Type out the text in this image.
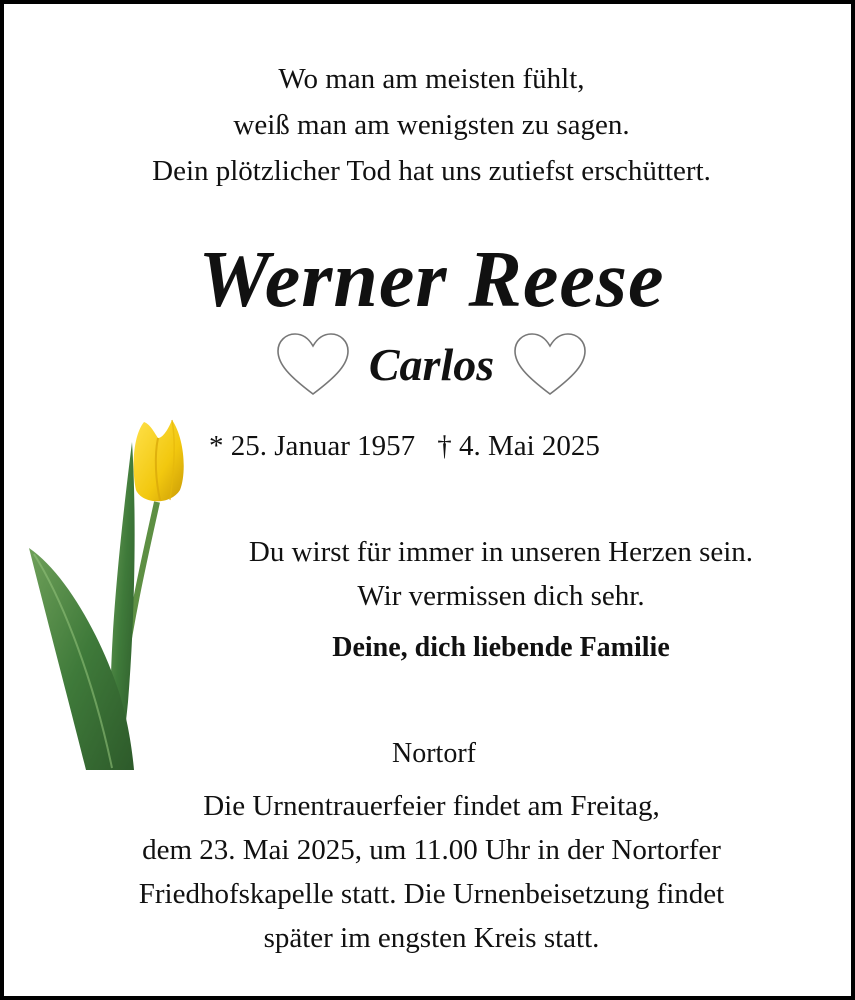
Wo man am meisten fühlt,
weiß man am wenigsten zu sagen.
Dein plötzlicher Tod hat uns zutiefst erschüttert.
Werner Reese
Carlos
* 25. Januar 1957 † 4. Mai 2025
Du wirst für immer in unseren Herzen sein.
Wir vermissen dich sehr.
Deine, dich liebende Familie
Nortorf
Die Urnentrauerfeier findet am Freitag,
dem 23. Mai 2025, um 11.00 Uhr in der Nortorfer
Friedhofskapelle statt. Die Urnenbeisetzung findet
später im engsten Kreis statt.
